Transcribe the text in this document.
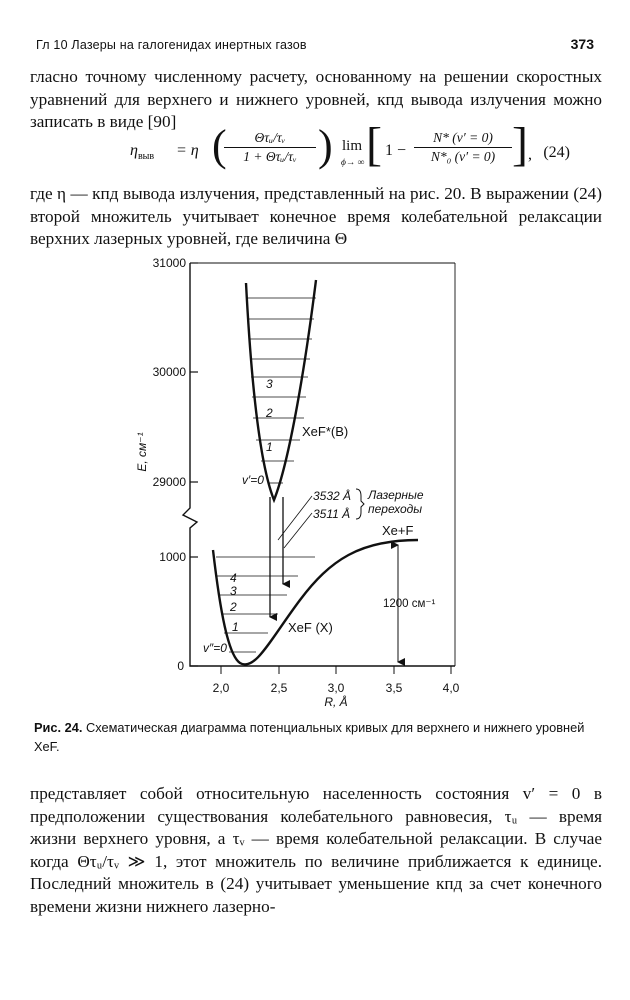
Гл 10 Лазеры на галогенидах инертных газов	373

гласно точному численному расчету, основанному на решении скоростных уравнений для верхнего и нижнего уровней, кпд вывода излучения можно записать в виде [90]

$\eta_{выв} = \eta$ (	Θτᵤ/τᵥ
1 + Θτᵤ/τᵥ ) lim
ϕ→ ∞ [ $1 - \frac{N* (v' = 0)}{\text{N*₀ (v′ = 0)}}$ ] , (24)

где η — кпд вывода излучения, представленный на рис. 20. В выражении (24) второй множитель учитывает конечное время колебательной релаксации верхних лазерных уровней, где величина Θ

31000
30000
29000
1000
0
2,0	2,5	3,0	3,5	4,0
R, Å
E, см⁻¹
3
2
1
v′=0
XeF*(B)
4
3
2
1
v″=0
XeF (X)
Xe+F
3532 Å
3511 Å
Лазерные
переходы
1200 см⁻¹
Рис. 24. Схематическая диаграмма потенциальных кривых для верхнего и нижнего уровней XeF.

представляет собой относительную населенность состояния v′ = 0 в предположении существования колебательного равновесия, τᵤ — время жизни верхнего уровня, а τᵥ — время колебательной релаксации. В случае когда Θτᵤ/τᵥ ≫ 1, этот множитель по величине приближается к единице. Последний множитель в (24) учитывает уменьшение кпд за счет конечного времени жизни нижнего лазерно-
